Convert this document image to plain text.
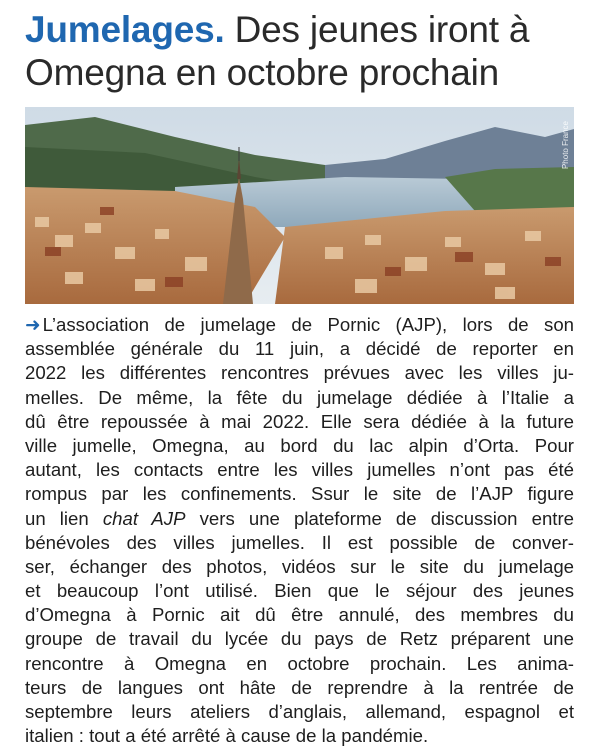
Jumelages. Des jeunes iront à
Omegna en octobre prochain
Photo France
➜ L’association de jumelage de Pornic (AJP), lors de son
assemblée générale du 11 juin, a décidé de reporter en
2022 les différentes rencontres prévues avec les villes ju-
melles. De même, la fête du jumelage dédiée à l’Italie a
dû être repoussée à mai 2022. Elle sera dédiée à la future
ville jumelle, Omegna, au bord du lac alpin d’Orta. Pour
autant, les contacts entre les villes jumelles n’ont pas été
rompus par les confinements. Ssur le site de l’AJP figure
un lien chat AJP vers une plateforme de discussion entre
bénévoles des villes jumelles. Il est possible de conver-
ser, échanger des photos, vidéos sur le site du jumelage
et beaucoup l’ont utilisé. Bien que le séjour des jeunes
d’Omegna à Pornic ait dû être annulé, des membres du
groupe de travail du lycée du pays de Retz préparent une
rencontre à Omegna en octobre prochain. Les anima-
teurs de langues ont hâte de reprendre à la rentrée de
septembre leurs ateliers d’anglais, allemand, espagnol et
italien : tout a été arrêté à cause de la pandémie.
